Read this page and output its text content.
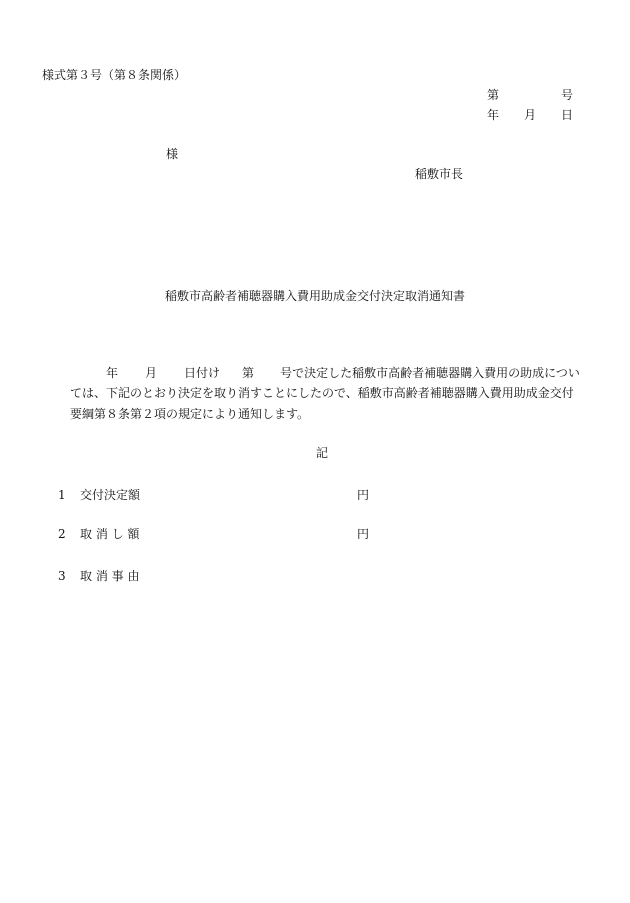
様式第３号（第８条関係）
第	号
年 月 日
様
稲敷市長
稲敷市高齢者補聴器購入費用助成金交付決定取消通知書
年 月 日付け 第 号で決定した稲敷市高齢者補聴器購入費用の助成につい
ては、下記のとおり決定を取り消すことにしたので、稲敷市高齢者補聴器購入費用助成金交付
要綱第８条第２項の規定により通知します。
記
1 交付決定額	円
2 取 消 し 額	円
3 取 消 事 由
